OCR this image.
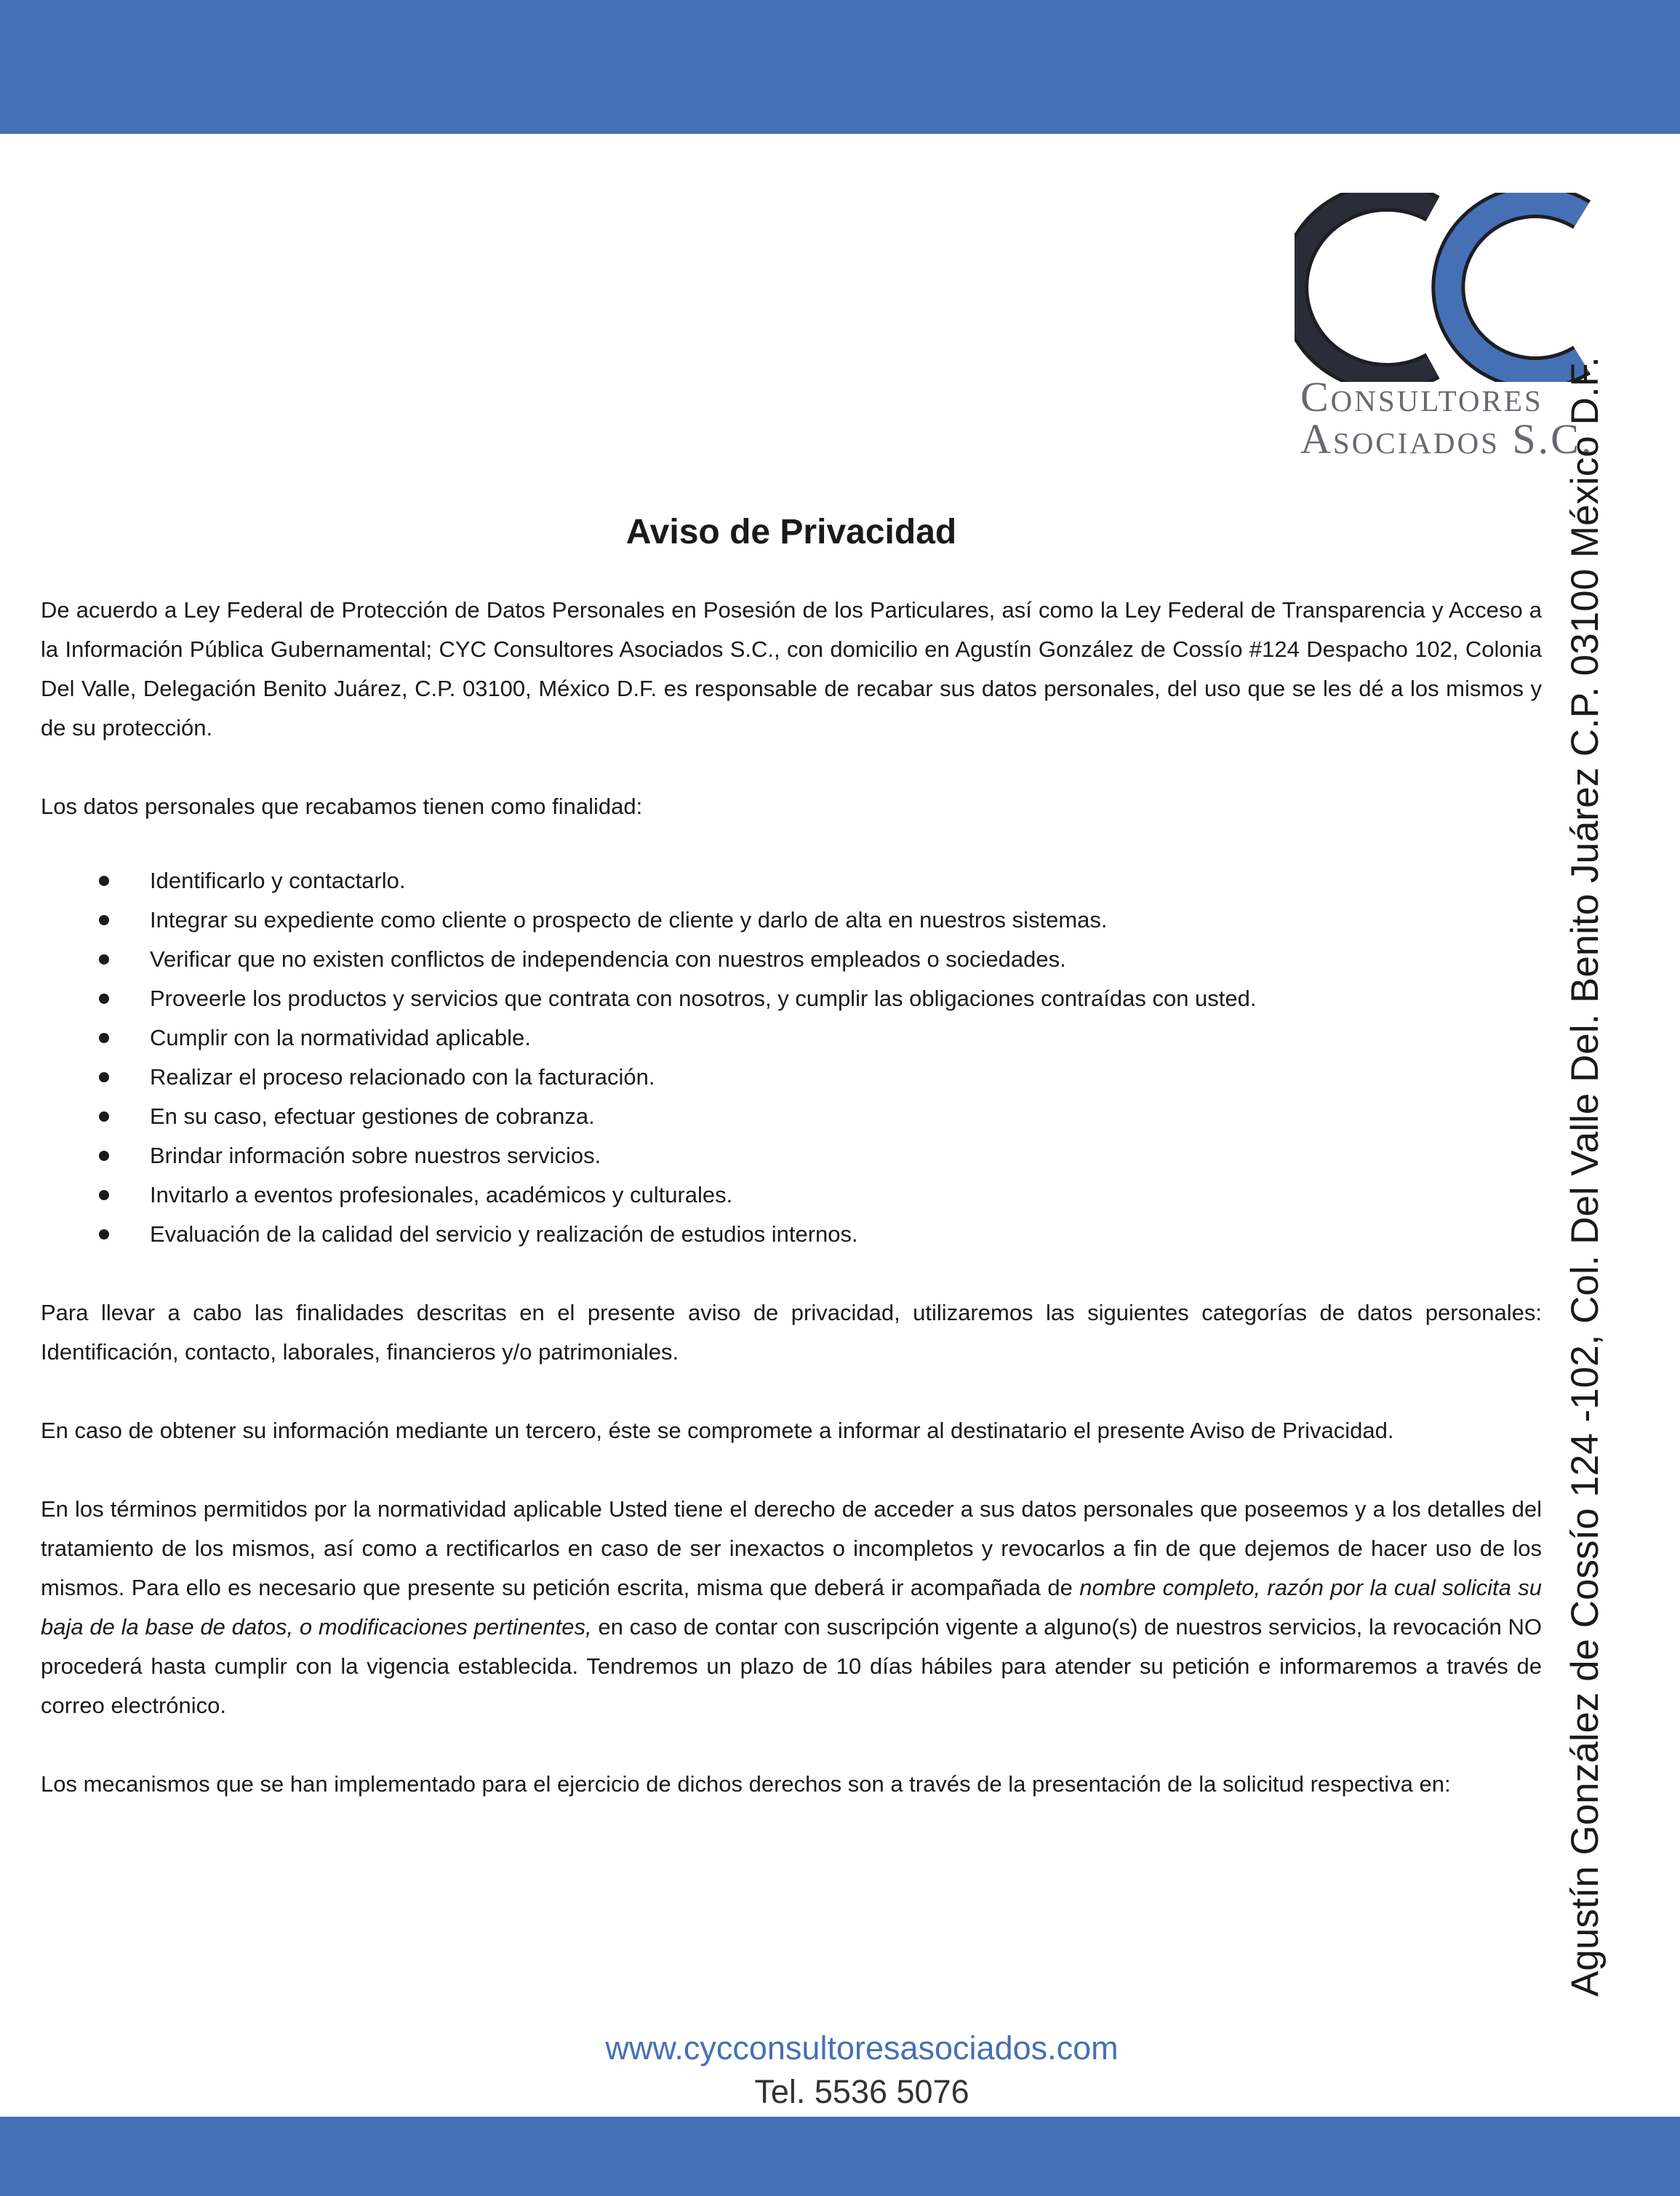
Consultores
Asociados S.C.
Agustín González de Cossío 124 -102, Col. Del Valle Del. Benito Juárez C.P. 03100 México D.F.
Aviso de Privacidad

De acuerdo a Ley Federal de Protección de Datos Personales en Posesión de los Particulares, así como la Ley Federal de Transparencia y Acceso a la Información Pública Gubernamental; CYC Consultores Asociados S.C., con domicilio en Agustín González de Cossío #124 Despacho 102, Colonia Del Valle, Delegación Benito Juárez, C.P. 03100, México D.F. es responsable de recabar sus datos personales, del uso que se les dé a los mismos y de su protección.

Los datos personales que recabamos tienen como finalidad:

Identificarlo y contactarlo.
Integrar su expediente como cliente o prospecto de cliente y darlo de alta en nuestros sistemas.
Verificar que no existen conflictos de independencia con nuestros empleados o sociedades.
Proveerle los productos y servicios que contrata con nosotros, y cumplir las obligaciones contraídas con usted.
Cumplir con la normatividad aplicable.
Realizar el proceso relacionado con la facturación.
En su caso, efectuar gestiones de cobranza.
Brindar información sobre nuestros servicios.
Invitarlo a eventos profesionales, académicos y culturales.
Evaluación de la calidad del servicio y realización de estudios internos.

Para llevar a cabo las finalidades descritas en el presente aviso de privacidad, utilizaremos las siguientes categorías de datos personales: Identificación, contacto, laborales, financieros y/o patrimoniales.

En caso de obtener su información mediante un tercero, éste se compromete a informar al destinatario el presente Aviso de Privacidad.

En los términos permitidos por la normatividad aplicable Usted tiene el derecho de acceder a sus datos personales que poseemos y a los detalles del tratamiento de los mismos, así como a rectificarlos en caso de ser inexactos o incompletos y revocarlos a fin de que dejemos de hacer uso de los mismos. Para ello es necesario que presente su petición escrita, misma que deberá ir acompañada de nombre completo, razón por la cual solicita su baja de la base de datos, o modificaciones pertinentes, en caso de contar con suscripción vigente a alguno(s) de nuestros servicios, la revocación NO procederá hasta cumplir con la vigencia establecida. Tendremos un plazo de 10 días hábiles para atender su petición e informaremos a través de correo electrónico.

Los mecanismos que se han implementado para el ejercicio de dichos derechos son a través de la presentación de la solicitud respectiva en:

www.cycconsultoresasociados.com
Tel. 5536 5076
